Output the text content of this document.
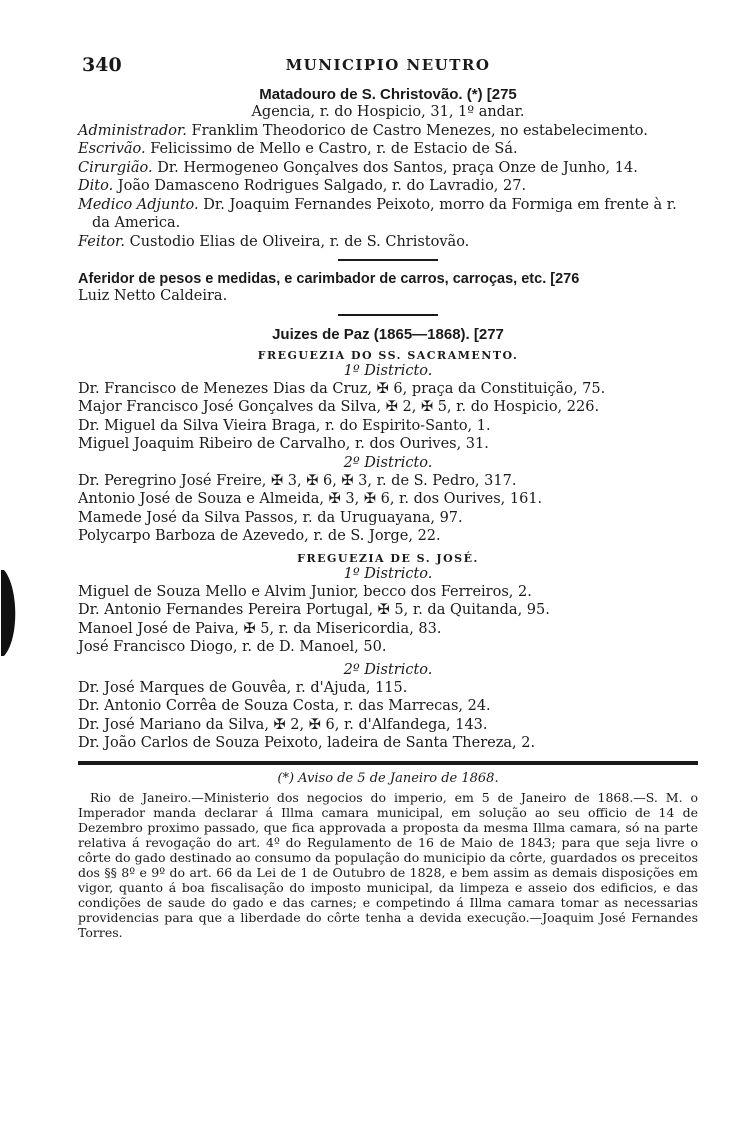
340	MUNICIPIO NEUTRO
Matadouro de S. Christovão. (*) [275
Agencia, r. do Hospicio, 31, 1º andar.
Administrador. Franklim Theodorico de Castro Menezes, no estabelecimento.
Escrivão. Felicissimo de Mello e Castro, r. de Estacio de Sá.
Cirurgião. Dr. Hermogeneo Gonçalves dos Santos, praça Onze de Junho, 14.
Dito. João Damasceno Rodrigues Salgado, r. do Lavradio, 27.
Medico Adjunto. Dr. Joaquim Fernandes Peixoto, morro da Formiga em frente à r. da America.
Feitor. Custodio Elias de Oliveira, r. de S. Christovão.
Aferidor de pesos e medidas, e carimbador de carros, carroças, etc. [276
Luiz Netto Caldeira.
Juizes de Paz (1865—1868). [277
FREGUEZIA DO SS. SACRAMENTO.
1º Districto.
Dr. Francisco de Menezes Dias da Cruz, ✠ 6, praça da Constituição, 75.
Major Francisco José Gonçalves da Silva, ✠ 2, ✠ 5, r. do Hospicio, 226.
Dr. Miguel da Silva Vieira Braga, r. do Espirito-Santo, 1.
Miguel Joaquim Ribeiro de Carvalho, r. dos Ourives, 31.
2º Districto.
Dr. Peregrino José Freire, ✠ 3, ✠ 6, ✠ 3, r. de S. Pedro, 317.
Antonio José de Souza e Almeida, ✠ 3, ✠ 6, r. dos Ourives, 161.
Mamede José da Silva Passos, r. da Uruguayana, 97.
Polycarpo Barboza de Azevedo, r. de S. Jorge, 22.
FREGUEZIA DE S. JOSÉ.
1º Districto.
Miguel de Souza Mello e Alvim Junior, becco dos Ferreiros, 2.
Dr. Antonio Fernandes Pereira Portugal, ✠ 5, r. da Quitanda, 95.
Manoel José de Paiva, ✠ 5, r. da Misericordia, 83.
José Francisco Diogo, r. de D. Manoel, 50.
2º Districto.
Dr. José Marques de Gouvêa, r. d'Ajuda, 115.
Dr. Antonio Corrêa de Souza Costa, r. das Marrecas, 24.
Dr. José Mariano da Silva, ✠ 2, ✠ 6, r. d'Alfandega, 143.
Dr. João Carlos de Souza Peixoto, ladeira de Santa Thereza, 2.
(*) Aviso de 5 de Janeiro de 1868.
Rio de Janeiro.—Ministerio dos negocios do imperio, em 5 de Janeiro de 1868.—S. M. o Imperador manda declarar á Illma camara municipal, em solução ao seu officio de 14 de Dezembro proximo passado, que fica approvada a proposta da mesma Illma camara, só na parte relativa á revogação do art. 4º do Regulamento de 16 de Maio de 1843; para que seja livre o côrte do gado destinado ao consumo da população do municipio da côrte, guardados os preceitos dos §§ 8º e 9º do art. 66 da Lei de 1 de Outubro de 1828, e bem assim as demais disposições em vigor, quanto á boa fiscalisação do imposto municipal, da limpeza e asseio dos edificios, e das condições de saude do gado e das carnes; e competindo á Illma camara tomar as necessarias providencias para que a liberdade do côrte tenha a devida execução.—Joaquim José Fernandes Torres.
